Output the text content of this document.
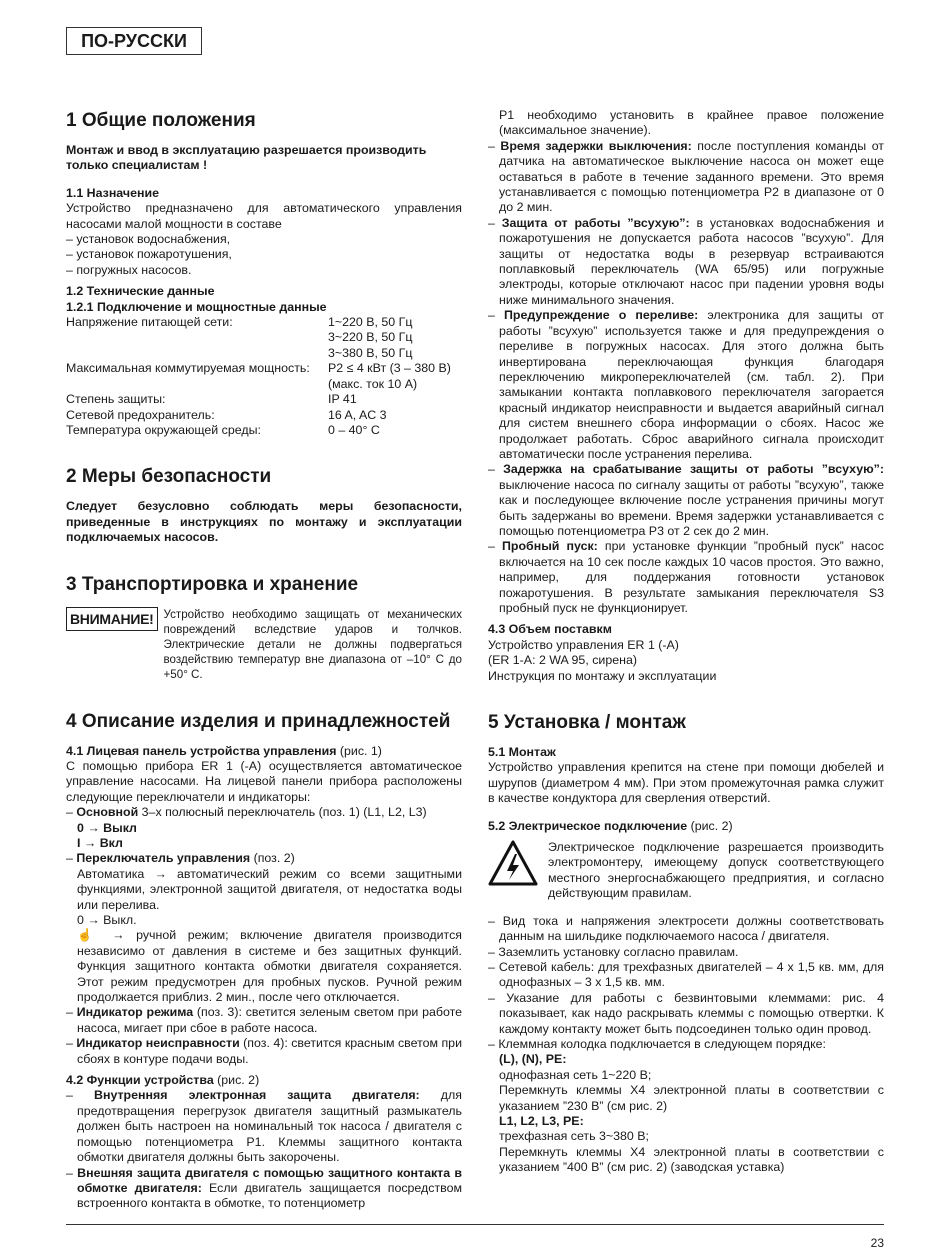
ПО-РУССКИ
1 Общие положения

Монтаж и ввод в эксплуатацию разрешается производить только специалистам !

1.1 Назначение

Устройство предназначено для автоматического управления насосами малой мощности в составе

– установок водоснабжения,
– установок пожаротушения,
– погружных насосов.

1.2 Технические данные

1.2.1 Подключение и мощностные данные

Напряжение питающей сети:	1~220 В, 50 Гц
	3~220 В, 50 Гц
	3~380 В, 50 Гц
Максимальная коммутируемая мощность:	P2 ≤ 4 кВт (3 – 380 В)
	(макс. ток 10 А)
Степень защиты:	IP 41
Сетевой предохранитель:	16 A, AC 3
Температура окружающей среды:	0 – 40° C
2 Меры безопасности

Следует безусловно соблюдать меры безопасности, приведенные в инструкциях по монтажу и эксплуатации подключаемых насосов.

3 Транспортировка и хранение
ВНИМАНИЕ! Устройство необходимо защищать от механических повреждений вследствие ударов и толчков. Электрические детали не должны подвергаться воздействию температур вне диапазона от –10° C до +50° C.
4 Описание изделия и принадлежностей

4.1 Лицевая панель устройства управления (рис. 1)

С помощью прибора ER 1 (-A) осуществляется автоматическое управление насосами. На лицевой панели прибора расположены следующие переключатели и индикаторы:

– Основной 3–х полюсный переключатель (поз. 1) (L1, L2, L3)

0 → Выкл

I → Вкл

– Переключатель управления (поз. 2)

Автоматика → автоматический режим со всеми защитными функциями, электронной защитой двигателя, от недостатка воды или перелива.

0 → Выкл.

☝ → ручной режим; включение двигателя производится независимо от давления в системе и без защитных функций. Функция защитного контакта обмотки двигателя сохраняется. Этот режим предусмотрен для пробных пусков. Ручной режим продолжается приблиз. 2 мин., после чего отключается.

– Индикатор режима (поз. 3): светится зеленым светом при работе насоса, мигает при сбое в работе насоса.
– Индикатор неисправности (поз. 4): светится красным светом при сбоях в контуре подачи воды.

4.2 Функции устройства (рис. 2)

– Внутренняя электронная защита двигателя: для предотвращения перегрузок двигателя защитный размыкатель должен быть настроен на номинальный ток насоса / двигателя с помощью потенциометра P1. Клеммы защитного контакта обмотки двигателя должны быть закорочены.
– Внешняя защита двигателя с помощью защитного контакта в обмотке двигателя: Если двигатель защищается посредством встроенного контакта в обмотке, то потенциометр

P1 необходимо установить в крайнее правое положение (максимальное значение).

– Время задержки выключения: после поступления команды от датчика на автоматическое выключение насоса он может еще оставаться в работе в течение заданного времени. Это время устанавливается с помощью потенциометра P2 в диапазоне от 0 до 2 мин.
– Защита от работы ”всухую”: в установках водоснабжения и пожаротушения не допускается работа насосов ”всухую”. Для защиты от недостатка воды в резервуар встраиваются поплавковый переключатель (WA 65/95) или погружные электроды, которые отключают насос при падении уровня воды ниже минимального значения.
– Предупреждение о переливе: электроника для защиты от работы ”всухую” используется также и для предупреждения о переливе в погружных насосах. Для этого должна быть инвертирована переключающая функция благодаря переключению микропереключателей (см. табл. 2). При замыкании контакта поплавкового переключателя загорается красный индикатор неисправности и выдается аварийный сигнал для систем внешнего сбора информации о сбоях. Насос же продолжает работать. Сброс аварийного сигнала происходит автоматически после устранения перелива.
– Задержка на срабатывание защиты от работы ”всухую”: выключение насоса по сигналу защиты от работы ”всухую”, также как и последующее включение после устранения причины могут быть задержаны во времени. Время задержки устанавливается с помощью потенциометра P3 от 2 сек до 2 мин.
– Пробный пуск: при установке функции ”пробный пуск” насос включается на 10 сек после каждых 10 часов простоя. Это важно, например, для поддержания готовности установок пожаротушения. В результате замыкания переключателя S3 пробный пуск не функционирует.

4.3 Объем поставкм

Устройство управления ER 1 (-A)

(ER 1-A: 2 WA 95, сирена)

Инструкция по монтажу и эксплуатации

5 Установка / монтаж

5.1 Монтаж

Устройство управления крепится на стене при помощи дюбелей и шурупов (диаметром 4 мм). При этом промежуточная рамка служит в качестве кондуктора для сверления отверстий.

5.2 Электрическое подключение (рис. 2)

Электрическое подключение разрешается производить электромонтеру, имеющему допуск соответствующего местного энергоснабжающего предприятия, и согласно действующим правилам.
– Вид тока и напряжения электросети должны соответствовать данным на шильдике подключаемого насоса / двигателя.
– Заземлить установку согласно правилам.
– Сетевой кабель: для трехфазных двигателей – 4 x 1,5 кв. мм, для однофазных – 3 x 1,5 кв. мм.
– Указание для работы с безвинтовыми клеммами: рис. 4 показывает, как надо раскрывать клеммы с помощью отвертки. К каждому контакту может быть подсоединен только один провод.
– Клеммная колодка подключается в следующем порядке:

(L), (N), PE:

однофазная сеть 1~220 В;

Перемкнуть клеммы X4 электронной платы в соответствии с указанием ”230 В” (см рис. 2)

L1, L2, L3, PE:

трехфазная сеть 3~380 В;

Перемкнуть клеммы X4 электронной платы в соответствии с указанием ”400 В” (см рис. 2) (заводская уставка)

23
